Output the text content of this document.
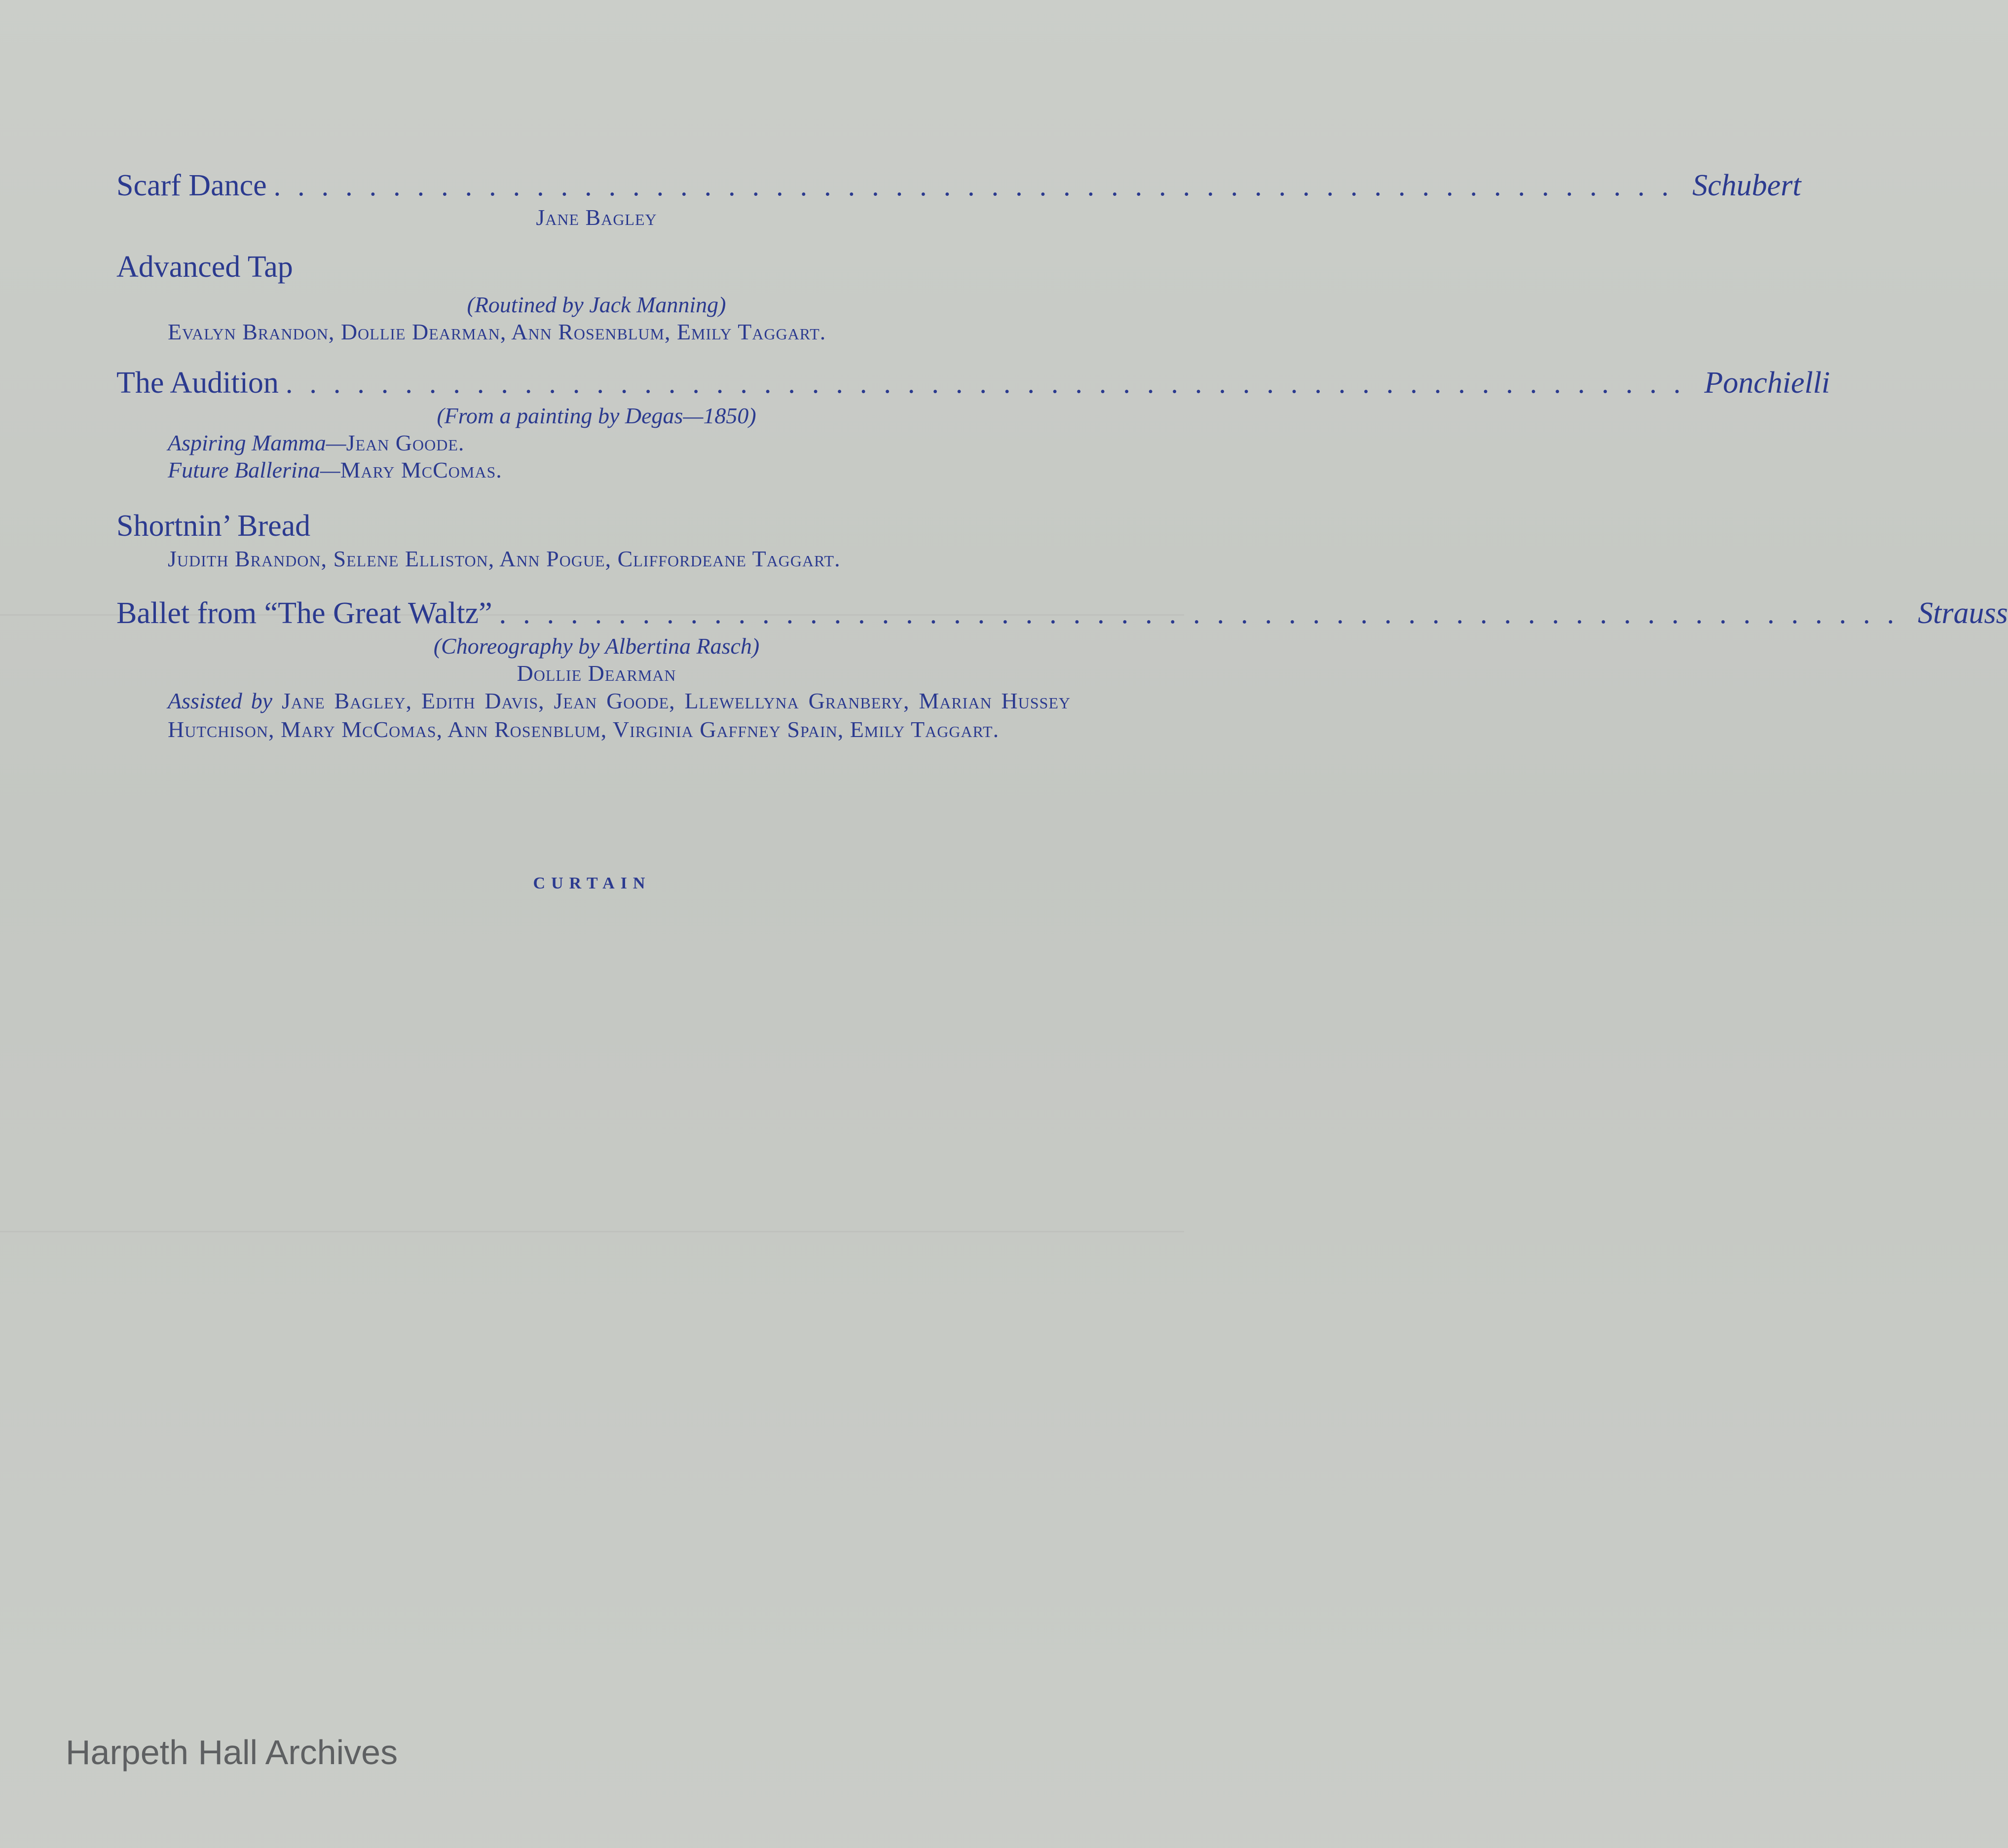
Scarf Dance ........................................................... Schubert
Jane Bagley
Advanced Tap
(Routined by Jack Manning)
Evalyn Brandon, Dollie Dearman, Ann Rosenblum, Emily Taggart.
The Audition ........................................................... Ponchielli
(From a painting by Degas—1850)
Aspiring Mamma—Jean Goode.
Future Ballerina—Mary McComas.
Shortnin’ Bread
Judith Brandon, Selene Elliston, Ann Pogue, Cliffordeane Taggart.
Ballet from “The Great Waltz” ........................................................... Strauss
(Choreography by Albertina Rasch)
Dollie Dearman
Assisted by Jane Bagley, Edith Davis, Jean Goode, Llewellyna Granbery, Marian Hussey Hutchison, Mary McComas, Ann Rosenblum, Virginia Gaffney Spain, Emily Taggart.
CURTAIN
Harpeth Hall Archives
